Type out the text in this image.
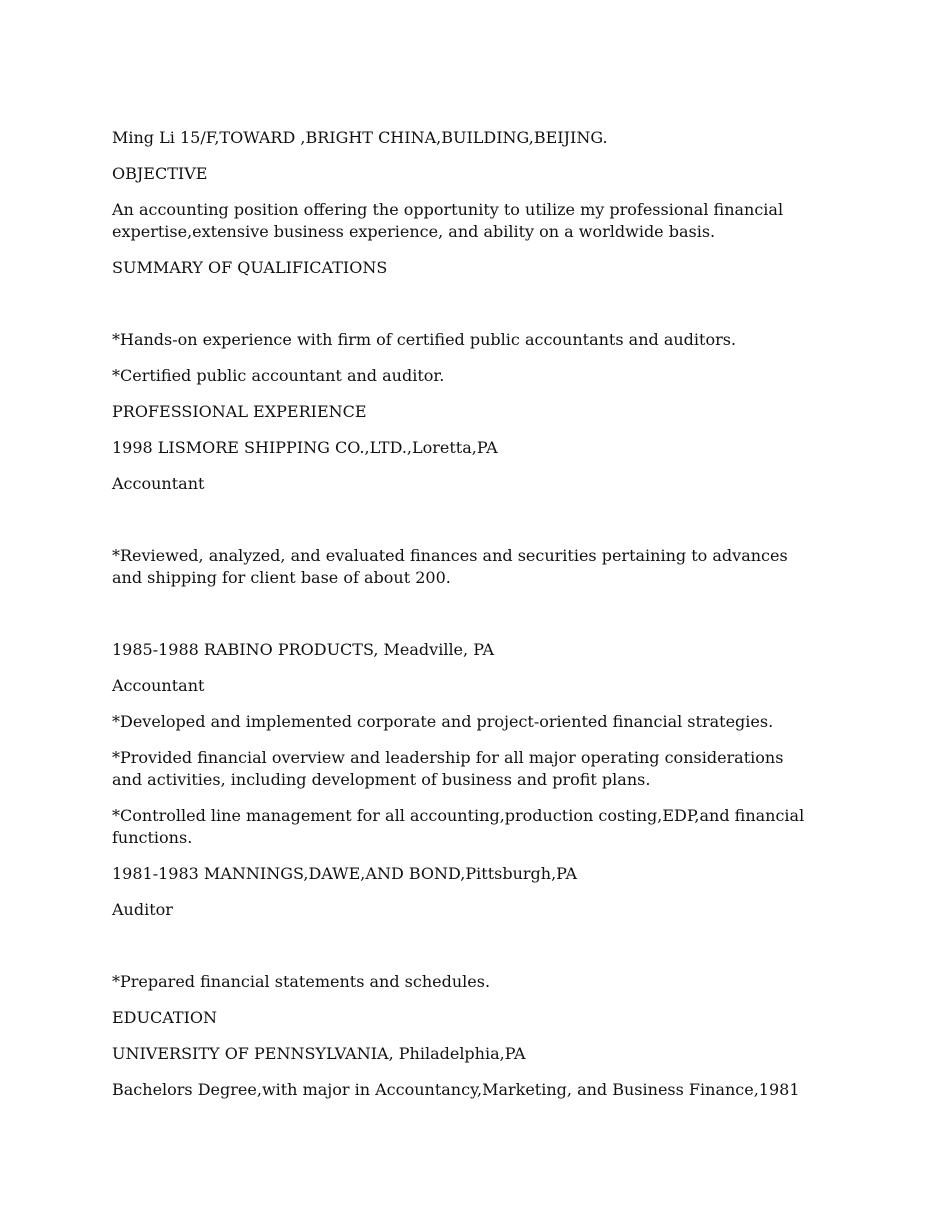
Ming Li 15/F,TOWARD ,BRIGHT CHINA,BUILDING,BEIJING.

OBJECTIVE

An accounting position offering the opportunity to utilize my professional financial expertise,extensive business experience, and ability on a worldwide basis.

SUMMARY OF QUALIFICATIONS

*Hands-on experience with firm of certified public accountants and auditors.

*Certified public accountant and auditor.

PROFESSIONAL EXPERIENCE

1998 LISMORE SHIPPING CO.,LTD.,Loretta,PA

Accountant

*Reviewed, analyzed, and evaluated finances and securities pertaining to advances and shipping for client base of about 200.

1985-1988 RABINO PRODUCTS, Meadville, PA

Accountant

*Developed and implemented corporate and project-oriented financial strategies.

*Provided financial overview and leadership for all major operating considerations and activities, including development of business and profit plans.

*Controlled line management for all accounting,production costing,EDP,and financial functions.

1981-1983 MANNINGS,DAWE,AND BOND,Pittsburgh,PA

Auditor

*Prepared financial statements and schedules.

EDUCATION

UNIVERSITY OF PENNSYLVANIA, Philadelphia,PA

Bachelors Degree,with major in Accountancy,Marketing, and Business Finance,1981
